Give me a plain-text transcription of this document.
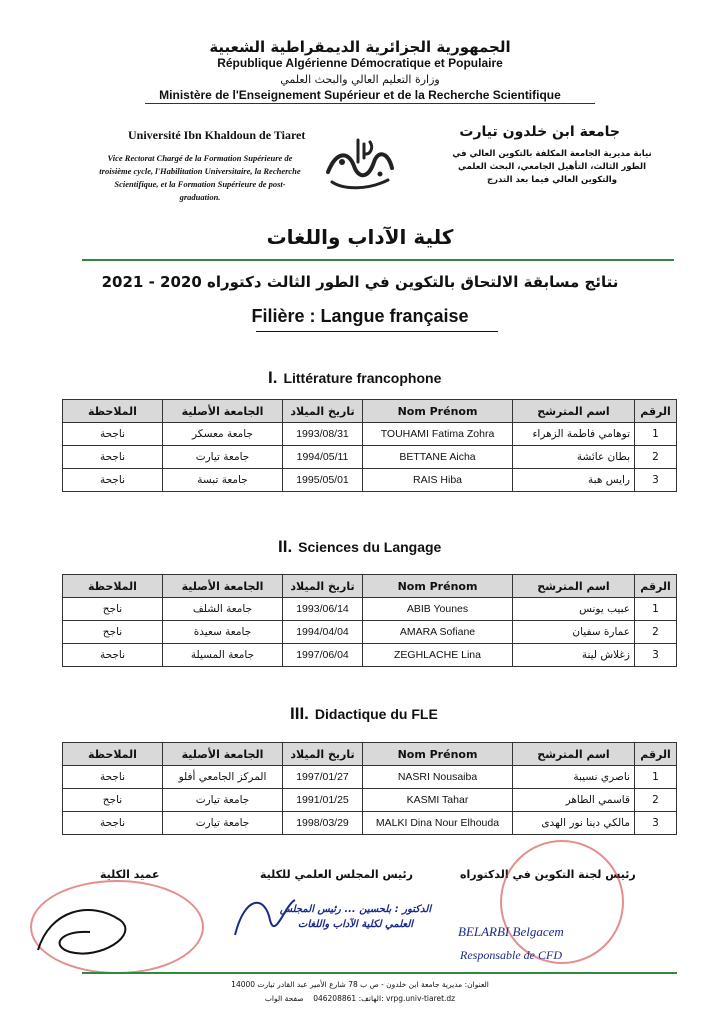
الجمهورية الجزائرية الديمقراطية الشعبية
République Algérienne Démocratique et Populaire
وزارة التعليم العالي والبحث العلمي
Ministère de l'Enseignement Supérieur et de la Recherche Scientifique
Université Ibn Khaldoun de Tiaret	جامعة ابن خلدون تيارت
Vice Rectorat Chargé de la Formation Supérieure de troisième cycle, l'Habilitation Universitaire, la Recherche Scientifique, et la Formation Supérieure de post-graduation.
نيابة مديرية الجامعة المكلفة بالتكوين العالي في الطور الثالث، التأهيل الجامعي، البحث العلمي والتكوين العالي فيما بعد التدرج
كلية الآداب واللغات
نتائج مسابقة الالتحاق بالتكوين في الطور الثالث دكتوراه 2020 - 2021
Filière : Langue française
I. Littérature francophone
الرقم	اسم المترشح	Nom Prénom	تاريخ الميلاد	الجامعة الأصلية	الملاحظة
1	توهامي فاطمة الزهراء	TOUHAMI Fatima Zohra	1993/08/31	جامعة معسكر	ناجحة
2	بطان عائشة	BETTANE Aicha	1994/05/11	جامعة تيارت	ناجحة
3	رايس هبة	RAIS Hiba	1995/05/01	جامعة تبسة	ناجحة
II. Sciences du Langage
الرقم	اسم المترشح	Nom Prénom	تاريخ الميلاد	الجامعة الأصلية	الملاحظة
1	عبيب يونس	ABIB Younes	1993/06/14	جامعة الشلف	ناجح
2	عمارة سفيان	AMARA Sofiane	1994/04/04	جامعة سعيدة	ناجح
3	زغلاش لينة	ZEGHLACHE Lina	1997/06/04	جامعة المسيلة	ناجحة
III. Didactique du FLE
الرقم	اسم المترشح	Nom Prénom	تاريخ الميلاد	الجامعة الأصلية	الملاحظة
1	ناصري نسيبة	NASRI Nousaiba	1997/01/27	المركز الجامعي أفلو	ناجحة
2	قاسمي الطاهر	KASMI Tahar	1991/01/25	جامعة تيارت	ناجح
3	مالكي دينا نور الهدى	MALKI Dina Nour Elhouda	1998/03/29	جامعة تيارت	ناجحة
عميد الكلية	رئيس المجلس العلمي للكلية	رئيس لجنة التكوين في الدكتوراه
الدكتور : بلحسين ... رئيس المجلس العلمي لكلية الآداب واللغات	BELARBI Belgacem
Responsable de CFD
العنوان: مديرية جامعة ابن خلدون - ص ب 78 شارع الأمير عبد القادر تيارت 14000
الهاتف: 046208861    صفحة الواب: vrpg.univ-tiaret.dz
